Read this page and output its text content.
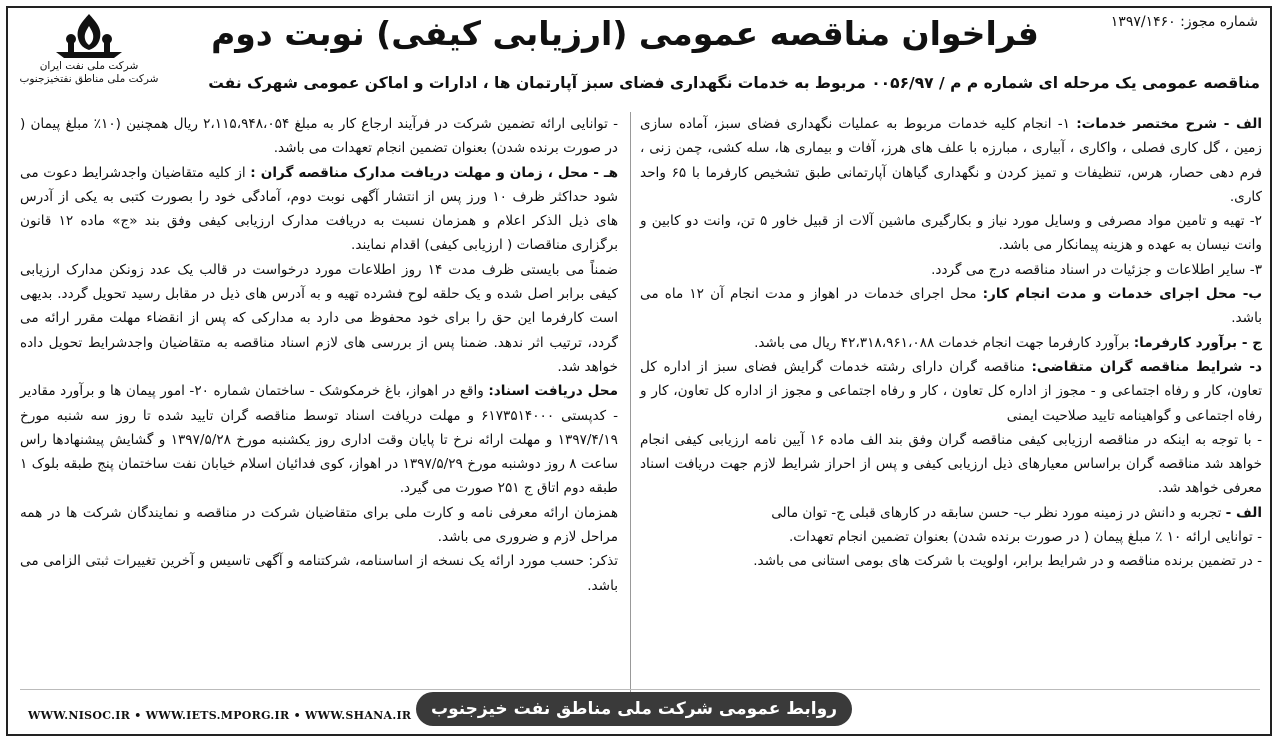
شماره مجوز: ۱۳۹۷/۱۴۶۰
شرکت ملی نفت ایران
شرکت ملی مناطق نفتخیزجنوب
فراخوان مناقصه عمومی (ارزیابی کیفی) نوبت دوم
مناقصه عمومی یک مرحله ای شماره م م / ۰۰۵۶/۹۷ مربوط به خدمات نگهداری فضای سبز آپارتمان ها ، ادارات و اماکن عمومی شهرک نفت

الف - شرح مختصر خدمات: ۱- انجام کلیه خدمات مربوط به عملیات نگهداری فضای سبز، آماده سازی زمین ، گل کاری فصلی ، واکاری ، آبیاری ، مبارزه با علف های هرز، آفات و بیماری ها، سله کشی، چمن زنی ، فرم دهی حصار، هرس، تنظیفات و تمیز کردن و نگهداری گیاهان آپارتمانی طبق تشخیص کارفرما با ۶۵ واحد کاری.

۲- تهیه و تامین مواد مصرفی و وسایل مورد نیاز و بکارگیری ماشین آلات از قبیل خاور ۵ تن، وانت دو کابین و وانت نیسان به عهده و هزینه پیمانکار می باشد.

۳- سایر اطلاعات و جزئیات در اسناد مناقصه درج می گردد.

ب- محل اجرای خدمات و مدت انجام کار: محل اجرای خدمات در اهواز و مدت انجام آن ۱۲ ماه می باشد.

ج - برآورد کارفرما: برآورد کارفرما جهت انجام خدمات ۴۲،۳۱۸،۹۶۱،۰۸۸ ریال می باشد.

د- شرایط مناقصه گران متقاضی: مناقصه گران دارای رشته خدمات گرایش فضای سبز از اداره کل تعاون، کار و رفاه اجتماعی و - مجوز از اداره کل تعاون ، کار و رفاه اجتماعی و مجوز از اداره کل تعاون، کار و رفاه اجتماعی و گواهینامه تایید صلاحیت ایمنی

- با توجه به اینکه در مناقصه ارزیابی کیفی مناقصه گران وفق بند الف ماده ۱۶ آیین نامه ارزیابی کیفی انجام خواهد شد مناقصه گران براساس معیارهای ذیل ارزیابی کیفی و پس از احراز شرایط لازم جهت دریافت اسناد معرفی خواهد شد.

الف - تجربه و دانش در زمینه مورد نظر ب- حسن سابقه در کارهای قبلی ج- توان مالی

- توانایی ارائه ۱۰ ٪ مبلغ پیمان ( در صورت برنده شدن) بعنوان تضمین انجام تعهدات.

- در تضمین برنده مناقصه و در شرایط برابر، اولویت با شرکت های بومی استانی می باشد.

- توانایی ارائه تضمین شرکت در فرآیند ارجاع کار به مبلغ ۲،۱۱۵،۹۴۸،۰۵۴ ریال همچنین (۱۰٪ مبلغ پیمان ( در صورت برنده شدن) بعنوان تضمین انجام تعهدات می باشد.

هـ - محل ، زمان و مهلت دریافت مدارک مناقصه گران : از کلیه متقاضیان واجدشرایط دعوت می شود حداکثر ظرف ۱۰ ورز پس از انتشار آگهی نوبت دوم، آمادگی خود را بصورت کتبی به یکی از آدرس های ذیل الذکر اعلام و همزمان نسبت به دریافت مدارک ارزیابی کیفی وفق بند «ج» ماده ۱۲ قانون برگزاری مناقصات ( ارزیابی کیفی) اقدام نمایند.

ضمناً می بایستی ظرف مدت ۱۴ روز اطلاعات مورد درخواست در قالب یک عدد زونکن مدارک ارزیابی کیفی برابر اصل شده و یک حلقه لوح فشرده تهیه و به آدرس های ذیل در مقابل رسید تحویل گردد. بدیهی است کارفرما این حق را برای خود محفوظ می دارد به مدارکی که پس از انقضاء مهلت مقرر ارائه می گردد، ترتیب اثر ندهد. ضمنا پس از بررسی های لازم اسناد مناقصه به متقاضیان واجدشرایط تحویل داده خواهد شد.

محل دریافت اسناد: واقع در اهواز، باغ خرمکوشک - ساختمان شماره ۲۰- امور پیمان ها و برآورد مقادیر - کدپستی ۶۱۷۳۵۱۴۰۰۰ و مهلت دریافت اسناد توسط مناقصه گران تایید شده تا روز سه شنبه مورخ ۱۳۹۷/۴/۱۹ و مهلت ارائه نرخ تا پایان وقت اداری روز یکشنبه مورخ ۱۳۹۷/۵/۲۸ و گشایش پیشنهادها راس ساعت ۸ روز دوشنبه مورخ ۱۳۹۷/۵/۲۹ در اهواز، کوی فدائیان اسلام خیابان نفت ساختمان پنج طبقه بلوک ۱ طبقه دوم اتاق ج ۲۵۱ صورت می گیرد.

همزمان ارائه معرفی نامه و کارت ملی برای متقاضیان شرکت در مناقصه و نمایندگان شرکت ها در همه مراحل لازم و ضروری می باشد.

تذکر: حسب مورد ارائه یک نسخه از اساسنامه، شرکتنامه و آگهی تاسیس و آخرین تغییرات ثبتی الزامی می باشد.

WWW.NISOC.IR • WWW.IETS.MPORG.IR • WWW.SHANA.IR	روابط عمومی شرکت ملی مناطق نفت خیزجنوب
